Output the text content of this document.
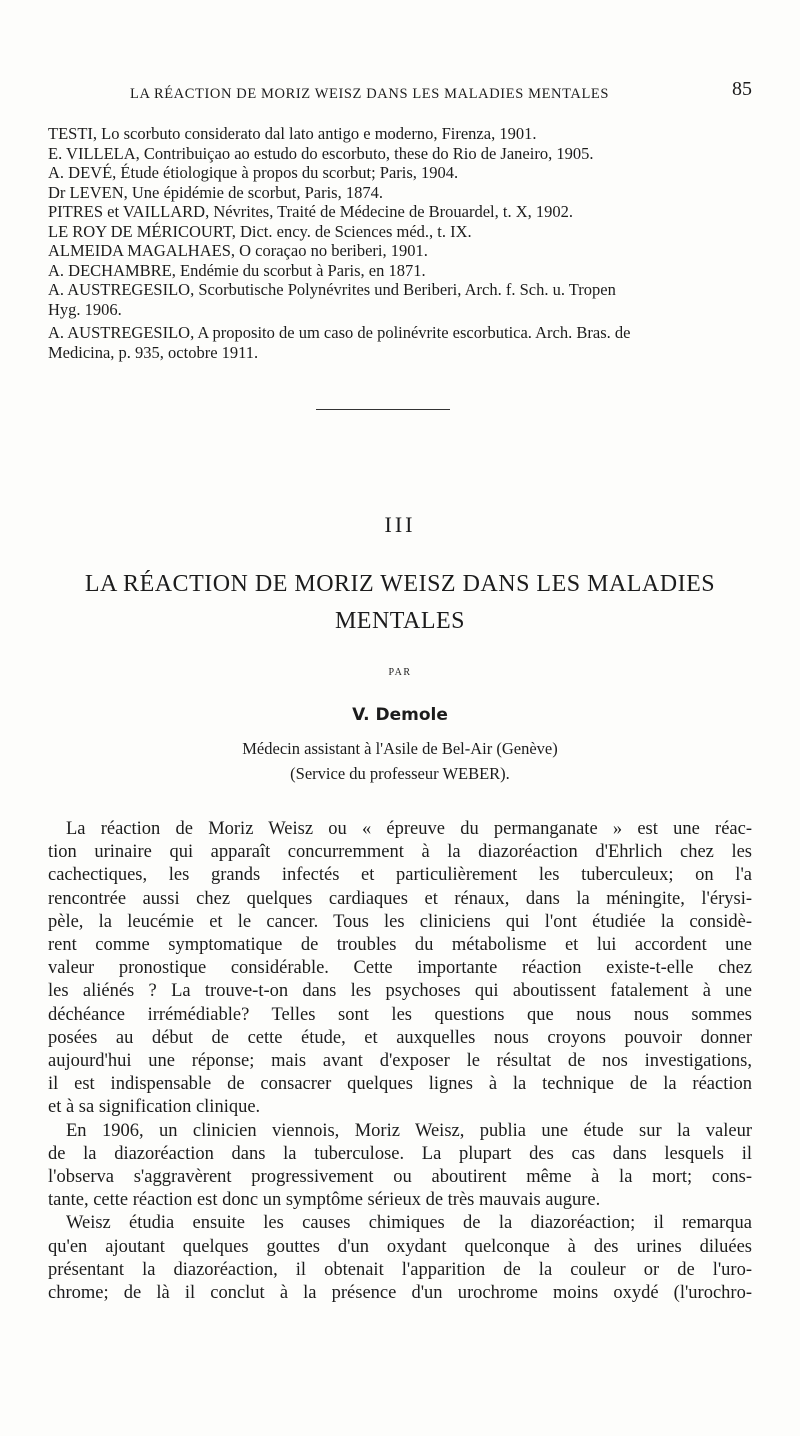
LA RÉACTION DE MORIZ WEISZ DANS LES MALADIES MENTALES	85

TESTI, Lo scorbuto considerato dal lato antigo e moderno, Firenza, 1901.

E. VILLELA, Contribuiçao ao estudo do escorbuto, these do Rio de Janeiro, 1905.

A. DEVÉ, Étude étiologique à propos du scorbut; Paris, 1904.

Dr LEVEN, Une épidémie de scorbut, Paris, 1874.

PITRES et VAILLARD, Névrites, Traité de Médecine de Brouardel, t. X, 1902.

LE ROY DE MÉRICOURT, Dict. ency. de Sciences méd., t. IX.

ALMEIDA MAGALHAES, O coraçao no beriberi, 1901.

A. DECHAMBRE, Endémie du scorbut à Paris, en 1871.

A. AUSTREGESILO, Scorbutische Polynévrites und Beriberi, Arch. f. Sch. u. Tropen
Hyg. 1906.

A. AUSTREGESILO, A proposito de um caso de polinévrite escorbutica. Arch. Bras. de
Medicina, p. 935, octobre 1911.

III
LA RÉACTION DE MORIZ WEISZ DANS LES MALADIES
MENTALES
PAR
V. Demole
Médecin assistant à l'Asile de Bel-Air (Genève)
(Service du professeur WEBER).

La réaction de Moriz Weisz ou « épreuve du permanganate » est une réac-
tion urinaire qui apparaît concurremment à la diazoréaction d'Ehrlich chez les
cachectiques, les grands infectés et particulièrement les tuberculeux; on l'a
rencontrée aussi chez quelques cardiaques et rénaux, dans la méningite, l'érysi-
pèle, la leucémie et le cancer. Tous les cliniciens qui l'ont étudiée la considè-
rent comme symptomatique de troubles du métabolisme et lui accordent une
valeur pronostique considérable. Cette importante réaction existe-t-elle chez
les aliénés ? La trouve-t-on dans les psychoses qui aboutissent fatalement à une
déchéance irrémédiable? Telles sont les questions que nous nous sommes
posées au début de cette étude, et auxquelles nous croyons pouvoir donner
aujourd'hui une réponse; mais avant d'exposer le résultat de nos investigations,
il est indispensable de consacrer quelques lignes à la technique de la réaction
et à sa signification clinique.

En 1906, un clinicien viennois, Moriz Weisz, publia une étude sur la valeur
de la diazoréaction dans la tuberculose. La plupart des cas dans lesquels il
l'observa s'aggravèrent progressivement ou aboutirent même à la mort; cons-
tante, cette réaction est donc un symptôme sérieux de très mauvais augure.
Weisz étudia ensuite les causes chimiques de la diazoréaction; il remarqua
qu'en ajoutant quelques gouttes d'un oxydant quelconque à des urines diluées
présentant la diazoréaction, il obtenait l'apparition de la couleur or de l'uro-
chrome; de là il conclut à la présence d'un urochrome moins oxydé (l'urochro-
